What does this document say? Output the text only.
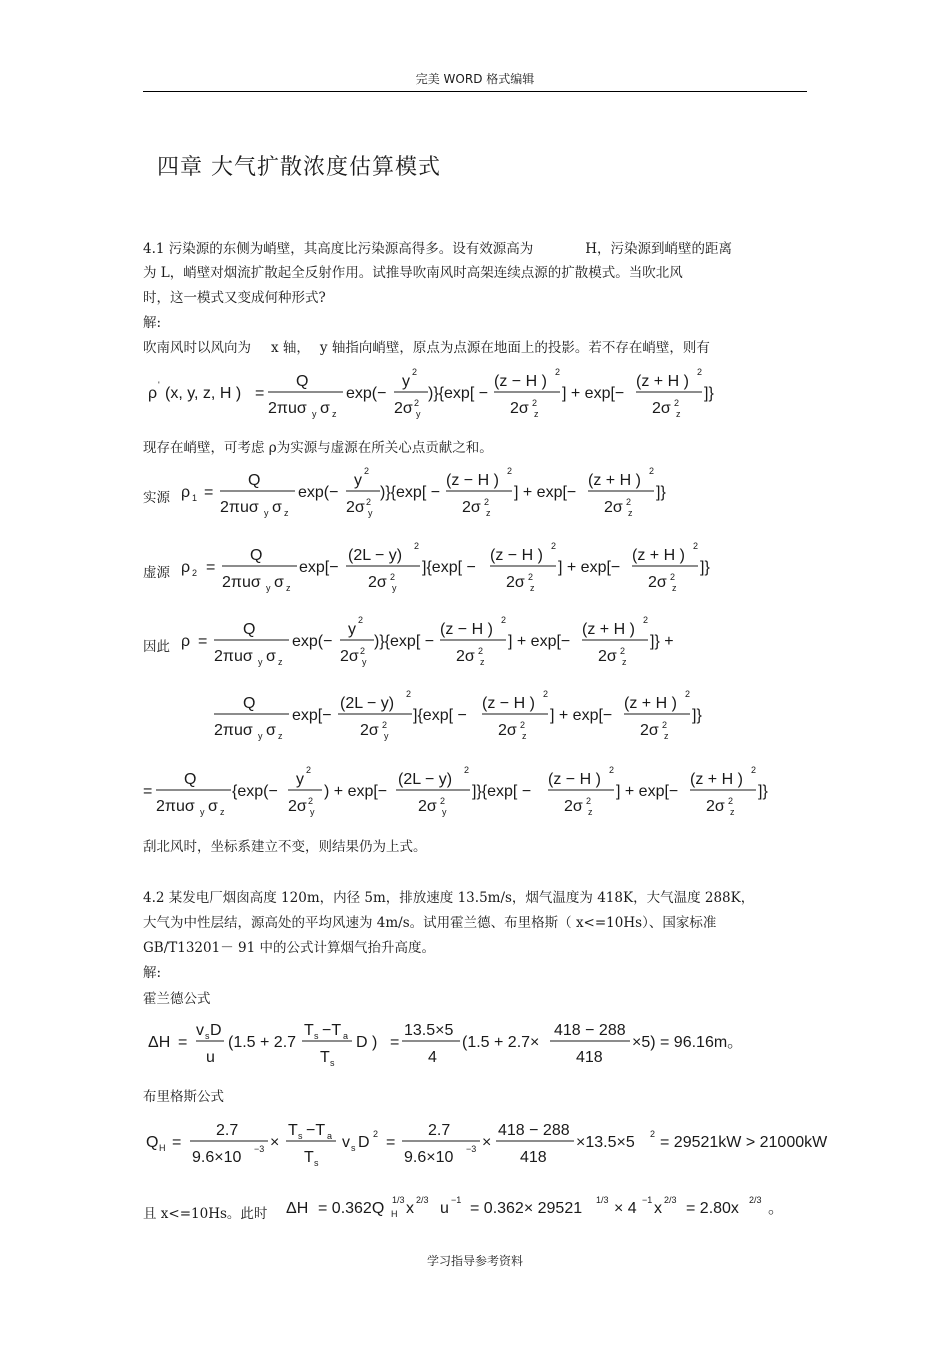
完美 WORD 格式编辑
四章 大气扩散浓度估算模式
4.1 污染源的东侧为峭壁，其高度比污染源高得多。设有效源高为	H，污染源到峭壁的距离
为 L，峭壁对烟流扩散起全反射作用。试推导吹南风时高架连续点源的扩散模式。当吹北风
时，这一模式又变成何种形式?
解:
吹南风时以风向为 x 轴， y 轴指向峭壁，原点为点源在地面上的投影。若不存在峭壁，则有
ρ ' (x, y, z, H ) =
Q
2πuσ y σ z
exp(−
y
2
2σ 2
y
)}{exp[ −
(z − H )
2
2σ 2
z
] + exp[−
(z + H )
2
2σ 2
z
]}
ρ 1 =
Q
2πuσ y σ z
exp(−
y
2
2σ 2
y
)}{exp[ −
(z − H )
2
2σ 2
z
] + exp[−
(z + H )
2
2σ 2
z
]}
ρ 2 =
Q
2πuσ y σ z
exp[−
(2L − y)
2
2σ 2
y
]{exp[ −
(z − H )
2
2σ 2
z
] + exp[−
(z + H )
2
2σ 2
z
]}
ρ =
Q
2πuσ y σ z
exp(−
y
2
2σ 2
y
)}{exp[ −
(z − H )
2
2σ 2
z
] + exp[−
(z + H )
2
2σ 2
z
]} +
Q
2πuσ y σ z
exp[−
(2L − y)
2
2σ 2
y
]{exp[ −
(z − H )
2
2σ 2
z
] + exp[−
(z + H )
2
2σ 2
z
]}
=
Q
2πuσ y σ z
{exp(−
y
2
2σ 2
y
) + exp[−
(2L − y)
2
2σ 2
y
]}{exp[ −
(z − H )
2
2σ 2
z
] + exp[−
(z + H )
2
2σ 2
z
]}
ΔH =
v s D
u
(1.5 + 2.7
T s −T a
T s
D ) =
13.5×5
4
(1.5 + 2.7×
418 − 288
418
×5) = 96.16m。
Q H =
2.7
9.6×10 −3 ×
T s −T a
T s
v s D 2 =
2.7
9.6×10 −3 ×
418 − 288
418
×13.5×5 2 = 29521kW > 21000kW
ΔH = 0.362Q 1/3
H x 2/3 u −1 = 0.362× 29521 1/3 × 4 −1 x 2/3 = 2.80x 2/3 。
现存在峭壁，可考虑 ρ为实源与虚源在所关心点贡献之和。
实源
虚源
因此
刮北风时，坐标系建立不变，则结果仍为上式。
4.2 某发电厂烟囱高度 120m，内径 5m，排放速度 13.5m/s，烟气温度为 418K，大气温度 288K，
大气为中性层结，源高处的平均风速为 4m/s。试用霍兰德、布里格斯（ x<=10Hs）、国家标准
GB/T13201－ 91 中的公式计算烟气抬升高度。
解:
霍兰德公式
布里格斯公式
且 x<=10Hs。此时
学习指导参考资料
